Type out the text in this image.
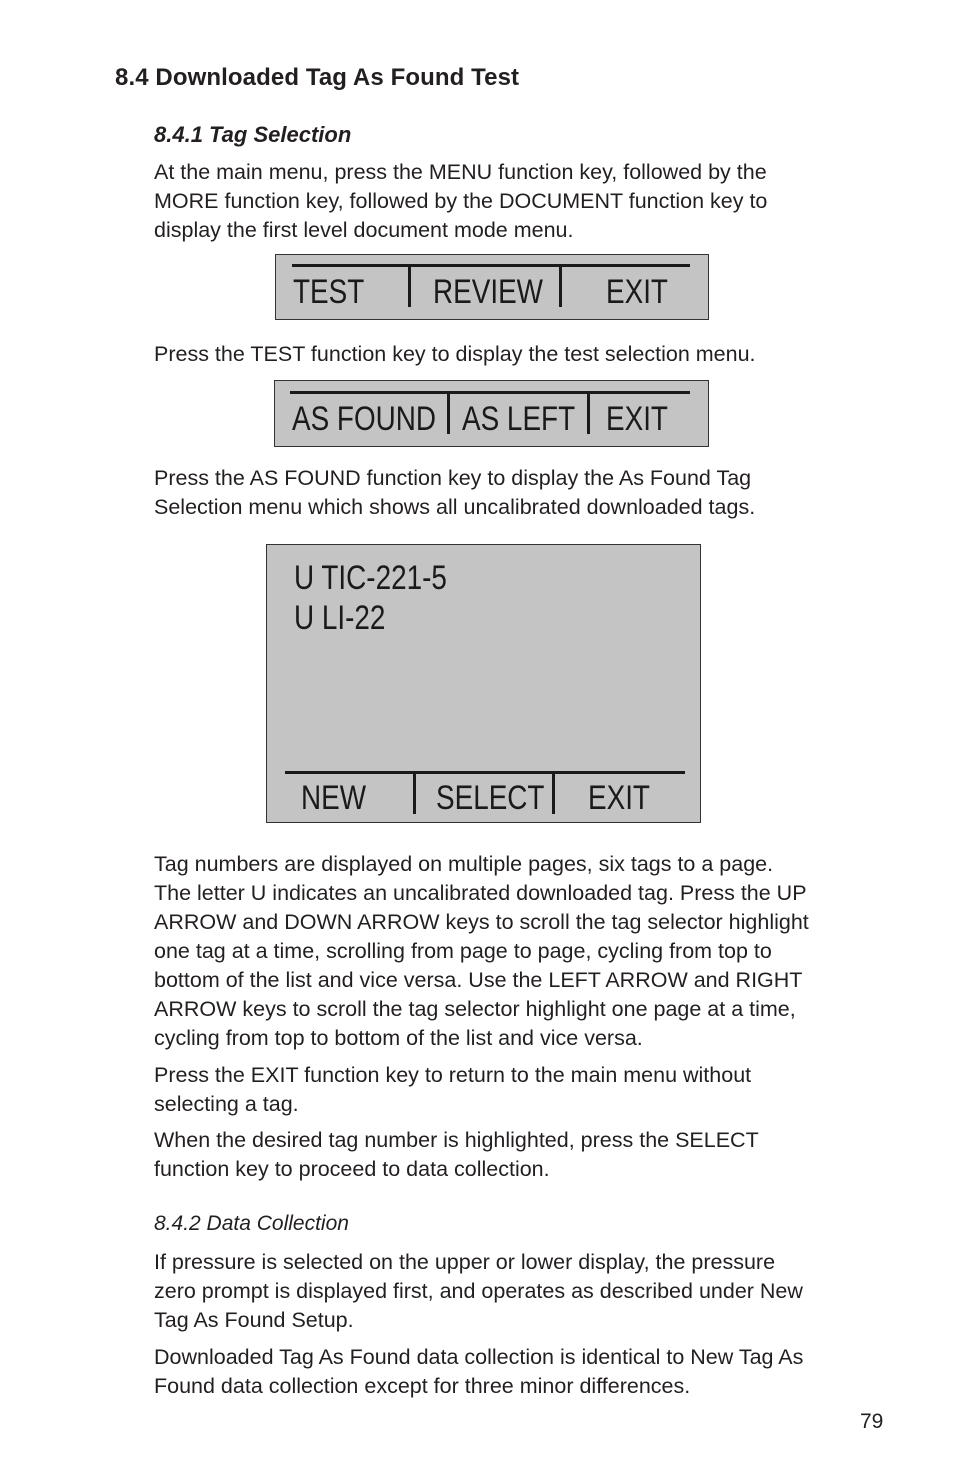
8.4 Downloaded Tag As Found Test
8.4.1 Tag Selection

At the main menu, press the MENU function key, followed by the
MORE function key, followed by the DOCUMENT function key to
display the first level document mode menu.

TEST REVIEW EXIT

Press the TEST function key to display the test selection menu.

AS FOUND AS LEFT EXIT

Press the AS FOUND function key to display the As Found Tag
Selection menu which shows all uncalibrated downloaded tags.

U TIC-221-5
U LI-22
NEW SELECT EXIT

Tag numbers are displayed on multiple pages, six tags to a page.
The letter U indicates an uncalibrated downloaded tag. Press the UP
ARROW and DOWN ARROW keys to scroll the tag selector highlight
one tag at a time, scrolling from page to page, cycling from top to
bottom of the list and vice versa. Use the LEFT ARROW and RIGHT
ARROW keys to scroll the tag selector highlight one page at a time,
cycling from top to bottom of the list and vice versa.

Press the EXIT function key to return to the main menu without
selecting a tag.

When the desired tag number is highlighted, press the SELECT
function key to proceed to data collection.

8.4.2 Data Collection

If pressure is selected on the upper or lower display, the pressure
zero prompt is displayed first, and operates as described under New
Tag As Found Setup.

Downloaded Tag As Found data collection is identical to New Tag As
Found data collection except for three minor differences.

79
